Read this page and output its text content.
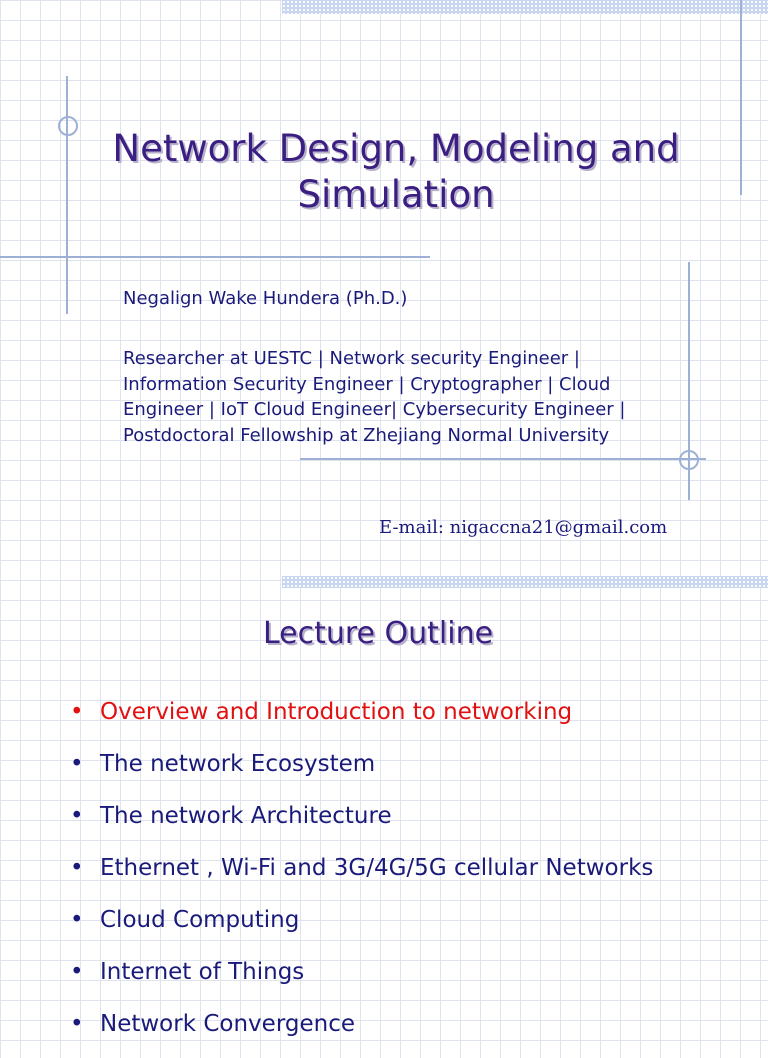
Network Design, Modeling and Simulation
Negalign Wake Hundera (Ph.D.)
Researcher at UESTC | Network security Engineer | Information Security Engineer | Cryptographer | Cloud Engineer | IoT Cloud Engineer| Cybersecurity Engineer | Postdoctoral Fellowship at Zhejiang Normal University
E-mail: nigaccna21@gmail.com
Lecture Outline
• Overview and Introduction to networking
• The network Ecosystem
• The network Architecture
• Ethernet , Wi-Fi and 3G/4G/5G cellular Networks
• Cloud Computing
• Internet of Things
• Network Convergence
